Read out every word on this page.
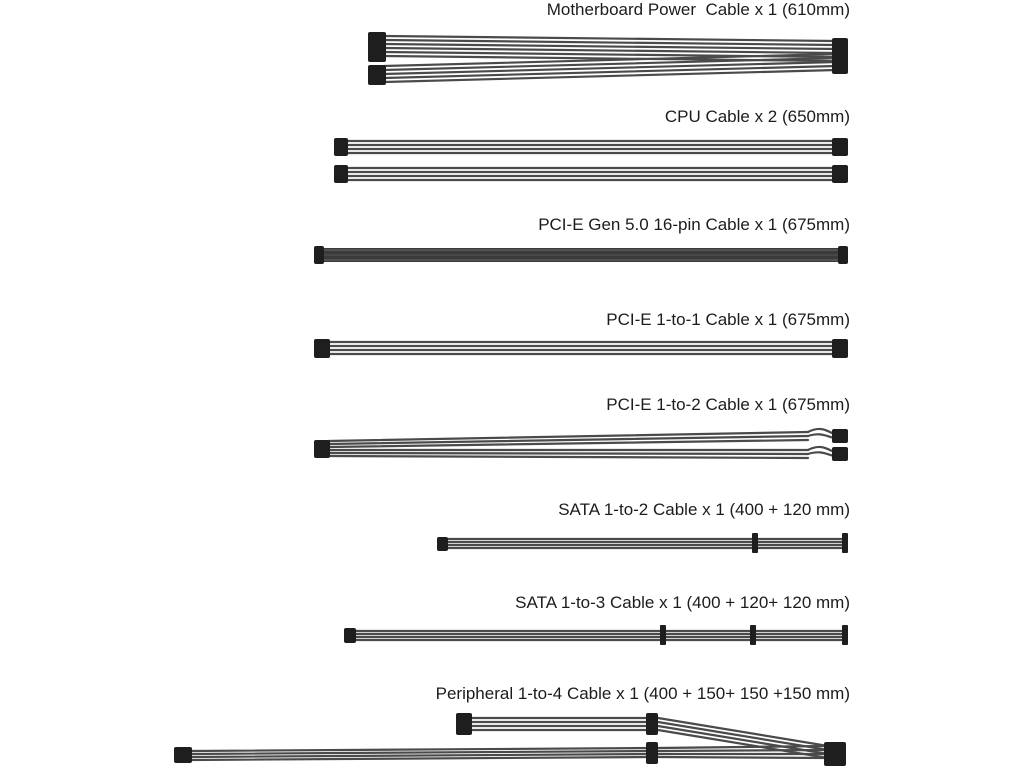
Motherboard Power  Cable x 1 (610mm)
CPU Cable x 2 (650mm)
PCI-E Gen 5.0 16-pin Cable x 1 (675mm)
PCI-E 1-to-1 Cable x 1 (675mm)
PCI-E 1-to-2 Cable x 1 (675mm)
SATA 1-to-2 Cable x 1 (400 + 120 mm)
SATA 1-to-3 Cable x 1 (400 + 120+ 120 mm)
Peripheral 1-to-4 Cable x 1 (400 + 150+ 150 +150 mm)
